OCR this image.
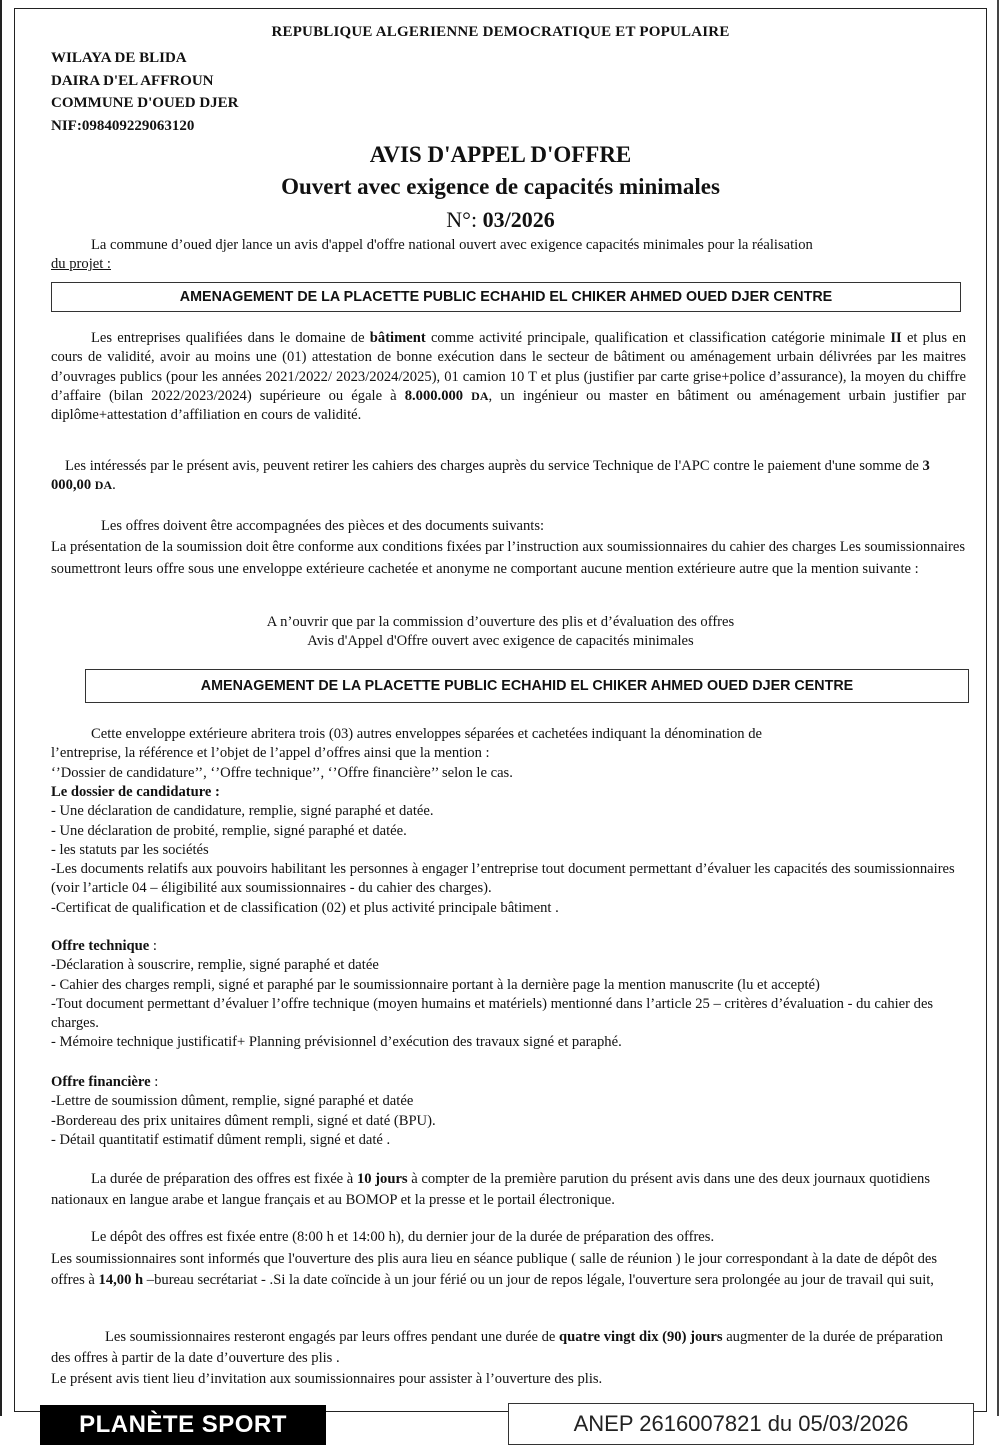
REPUBLIQUE ALGERIENNE DEMOCRATIQUE ET POPULAIRE
WILAYA DE BLIDA
DAIRA D'EL AFFROUN
COMMUNE D'OUED DJER
NIF:098409229063120
AVIS D'APPEL D'OFFRE
Ouvert avec exigence de capacités minimales
N°: 03/2026
La commune d’oued djer lance un avis d'appel d'offre national ouvert avec exigence capacités minimales pour la réalisation
du projet :
AMENAGEMENT DE LA PLACETTE PUBLIC ECHAHID EL CHIKER AHMED OUED DJER CENTRE
Les entreprises qualifiées dans le domaine de bâtiment comme activité principale, qualification et classification catégorie minimale II et plus en cours de validité, avoir au moins une (01) attestation de bonne exécution dans le secteur de bâtiment ou aménagement urbain délivrées par les maitres d’ouvrages publics (pour les années 2021/2022/ 2023/2024/2025), 01 camion 10 T et plus (justifier par carte grise+police d’assurance), la moyen du chiffre d’affaire (bilan 2022/2023/2024) supérieure ou égale à 8.000.000 DA, un ingénieur ou master en bâtiment ou aménagement urbain justifier par diplôme+attestation d’affiliation en cours de validité.
Les intéressés par le présent avis, peuvent retirer les cahiers des charges auprès du service Technique de l'APC contre le paiement d'une somme de 3 000,00 DA.
Les offres doivent être accompagnées des pièces et des documents suivants:
La présentation de la soumission doit être conforme aux conditions fixées par l’instruction aux soumissionnaires du cahier des charges Les soumissionnaires soumettront leurs offre sous une enveloppe extérieure cachetée et anonyme ne comportant aucune mention extérieure autre que la mention suivante :
A n’ouvrir que par la commission d’ouverture des plis et d’évaluation des offres
Avis d'Appel d'Offre ouvert avec exigence de capacités minimales
AMENAGEMENT DE LA PLACETTE PUBLIC ECHAHID EL CHIKER AHMED OUED DJER CENTRE
Cette enveloppe extérieure abritera trois (03) autres enveloppes séparées et cachetées indiquant la dénomination de
l’entreprise, la référence et l’objet de l’appel d’offres ainsi que la mention :
‘’Dossier de candidature’’, ‘’Offre technique’’, ‘’Offre financière’’ selon le cas.
Le dossier de candidature :
- Une déclaration de candidature, remplie, signé paraphé et datée.
- Une déclaration de probité, remplie, signé paraphé et datée.
- les statuts par les sociétés
-Les documents relatifs aux pouvoirs habilitant les personnes à engager l’entreprise tout document permettant d’évaluer les capacités des soumissionnaires (voir l’article 04 – éligibilité aux soumissionnaires - du cahier des charges).
-Certificat de qualification et de classification (02) et plus activité principale bâtiment .
Offre technique :
-Déclaration à souscrire, remplie, signé paraphé et datée
- Cahier des charges rempli, signé et paraphé par le soumissionnaire portant à la dernière page la mention manuscrite (lu et accepté)
-Tout document permettant d’évaluer l’offre technique (moyen humains et matériels) mentionné dans l’article 25 – critères d’évaluation - du cahier des charges.
- Mémoire technique justificatif+ Planning prévisionnel d’exécution des travaux signé et paraphé.
Offre financière :
-Lettre de soumission dûment, remplie, signé paraphé et datée
-Bordereau des prix unitaires dûment rempli, signé et daté (BPU).
- Détail quantitatif estimatif dûment rempli, signé et daté .
La durée de préparation des offres est fixée à 10 jours à compter de la première parution du présent avis dans une des deux journaux quotidiens nationaux en langue arabe et langue français et au BOMOP et la presse et le portail électronique.
Le dépôt des offres est fixée entre (8:00 h et 14:00 h), du dernier jour de la durée de préparation des offres.
Les soumissionnaires sont informés que l'ouverture des plis aura lieu en séance publique ( salle de réunion ) le jour correspondant à la date de dépôt des offres à 14,00 h –bureau secrétariat - .Si la date coïncide à un jour férié ou un jour de repos légale, l'ouverture sera prolongée au jour de travail qui suit,
Les soumissionnaires resteront engagés par leurs offres pendant une durée de quatre vingt dix (90) jours augmenter de la durée de préparation des offres à partir de la date d’ouverture des plis .
Le présent avis tient lieu d’invitation aux soumissionnaires pour assister à l’ouverture des plis.
PLANÈTE SPORT	ANEP 2616007821 du 05/03/2026
